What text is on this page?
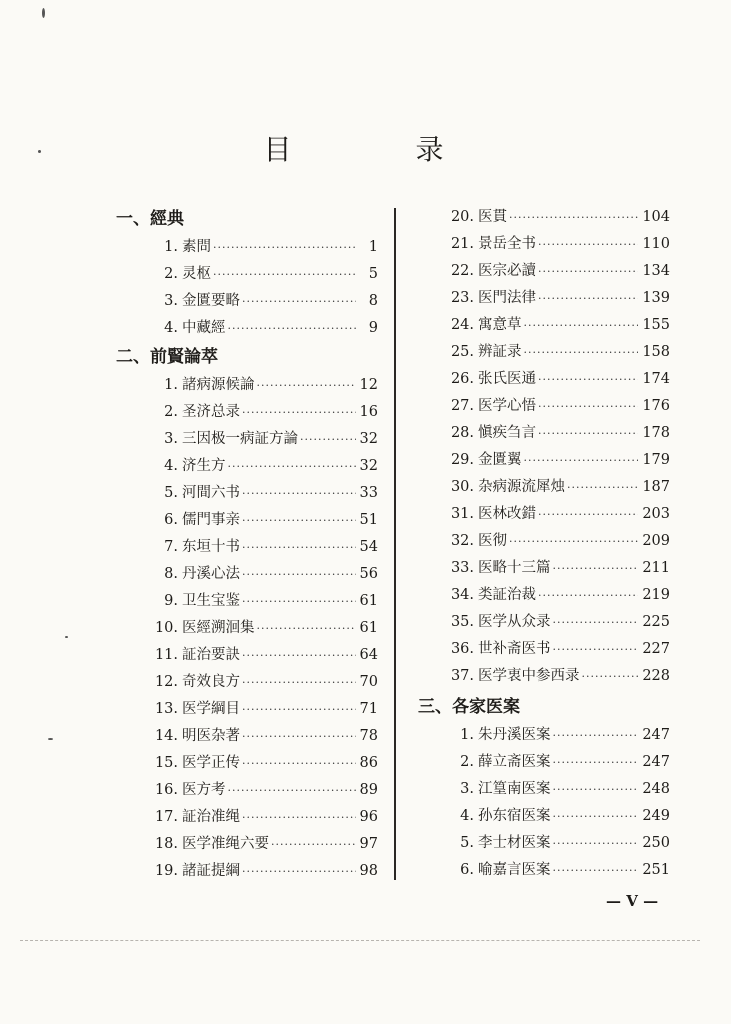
目　录
一、經典
1. 素問 ·····	1
2. 灵枢 ·····	5
3. 金匱要略 ·····	8
4. 中藏經 ·····	9
二、前賢論萃
1. 諸病源候論 ·····	12
2. 圣济总录 ·····	16
3. 三因极一病証方論 ·····	32
4. 济生方 ·····	32
5. 河間六书 ·····	33
6. 儒門事亲 ·····	51
7. 东垣十书 ·····	54
8. 丹溪心法 ·····	56
9. 卫生宝鉴 ·····	61
10. 医經溯洄集 ·····	61
11. 証治要訣 ·····	64
12. 奇效良方 ·····	70
13. 医学綱目 ·····	71
14. 明医杂著 ·····	78
15. 医学正传 ·····	86
16. 医方考 ·····	89
17. 証治准绳 ·····	96
18. 医学准绳六要 ·····	97
19. 諸証提綱 ·····	98
20. 医貫 ·····	104
21. 景岳全书 ·····	110
22. 医宗必讀 ·····	134
23. 医門法律 ·····	139
24. 寓意草 ·····	155
25. 辨証录 ·····	158
26. 张氏医通 ·····	174
27. 医学心悟 ·····	176
28. 愼疾刍言 ·····	178
29. 金匱翼 ·····	179
30. 杂病源流犀烛 ·····	187
31. 医林改錯 ·····	203
32. 医彻 ·····	209
33. 医略十三篇 ·····	211
34. 类証治裁 ·····	219
35. 医学从众录 ·····	225
36. 世补斋医书 ·····	227
37. 医学衷中参西录 ·····	228
三、各家医案
1. 朱丹溪医案 ·····	247
2. 薛立斋医案 ·····	247
3. 江篁南医案 ·····	248
4. 孙东宿医案 ·····	249
5. 李士材医案 ·····	250
6. 喻嘉言医案 ·····	251
— V —
